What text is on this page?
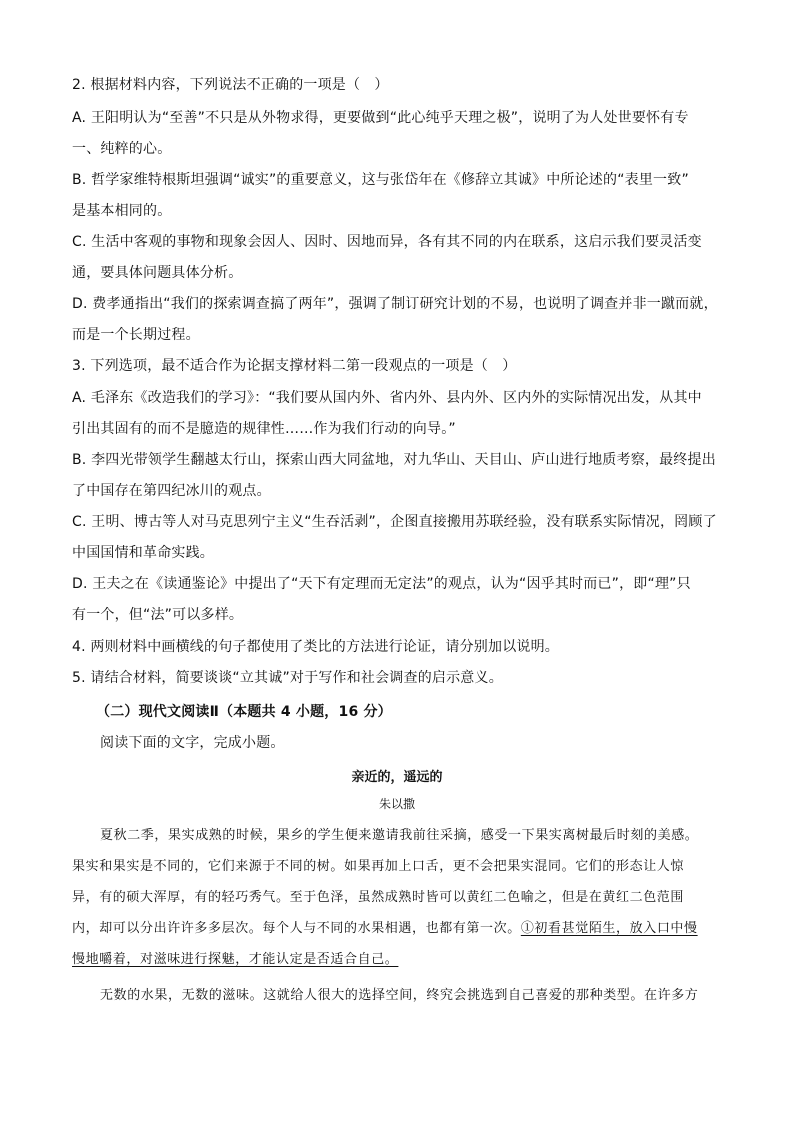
2. 根据材料内容，下列说法不正确的一项是（　）
A. 王阳明认为“至善”不只是从外物求得，更要做到“此心纯乎天理之极”，说明了为人处世要怀有专
一、纯粹的心。
B. 哲学家维特根斯坦强调“诚实”的重要意义，这与张岱年在《修辞立其诚》中所论述的“表里一致”
是基本相同的。
C. 生活中客观的事物和现象会因人、因时、因地而异，各有其不同的内在联系，这启示我们要灵活变
通，要具体问题具体分析。
D. 费孝通指出“我们的探索调查搞了两年”，强调了制订研究计划的不易，也说明了调查并非一蹴而就，
而是一个长期过程。
3. 下列选项，最不适合作为论据支撑材料二第一段观点的一项是（　）
A. 毛泽东《改造我们的学习》：“我们要从国内外、省内外、县内外、区内外的实际情况出发，从其中
引出其固有的而不是臆造的规律性……作为我们行动的向导。”
B. 李四光带领学生翻越太行山，探索山西大同盆地，对九华山、天目山、庐山进行地质考察，最终提出
了中国存在第四纪冰川的观点。
C. 王明、博古等人对马克思列宁主义“生吞活剥”，企图直接搬用苏联经验，没有联系实际情况，罔顾了
中国国情和革命实践。
D. 王夫之在《读通鉴论》中提出了“天下有定理而无定法”的观点，认为“因乎其时而已”，即“理”只
有一个，但“法”可以多样。
4. 两则材料中画横线的句子都使用了类比的方法进行论证，请分别加以说明。
5. 请结合材料，简要谈谈“立其诚”对于写作和社会调查的启示意义。
（二）现代文阅读Ⅱ（本题共 4 小题，16 分）
阅读下面的文字，完成小题。
亲近的，遥远的
朱以撒
夏秋二季，果实成熟的时候，果乡的学生便来邀请我前往采摘，感受一下果实离树最后时刻的美感。
果实和果实是不同的，它们来源于不同的树。如果再加上口舌，更不会把果实混同。它们的形态让人惊
异，有的硕大浑厚，有的轻巧秀气。至于色泽，虽然成熟时皆可以黄红二色喻之，但是在黄红二色范围
内，却可以分出许许多多层次。每个人与不同的水果相遇，也都有第一次。①初看甚觉陌生，放入口中慢
慢地嚼着，对滋味进行探魅，才能认定是否适合自己。
无数的水果，无数的滋味。这就给人很大的选择空间，终究会挑选到自己喜爱的那种类型。在许多方
